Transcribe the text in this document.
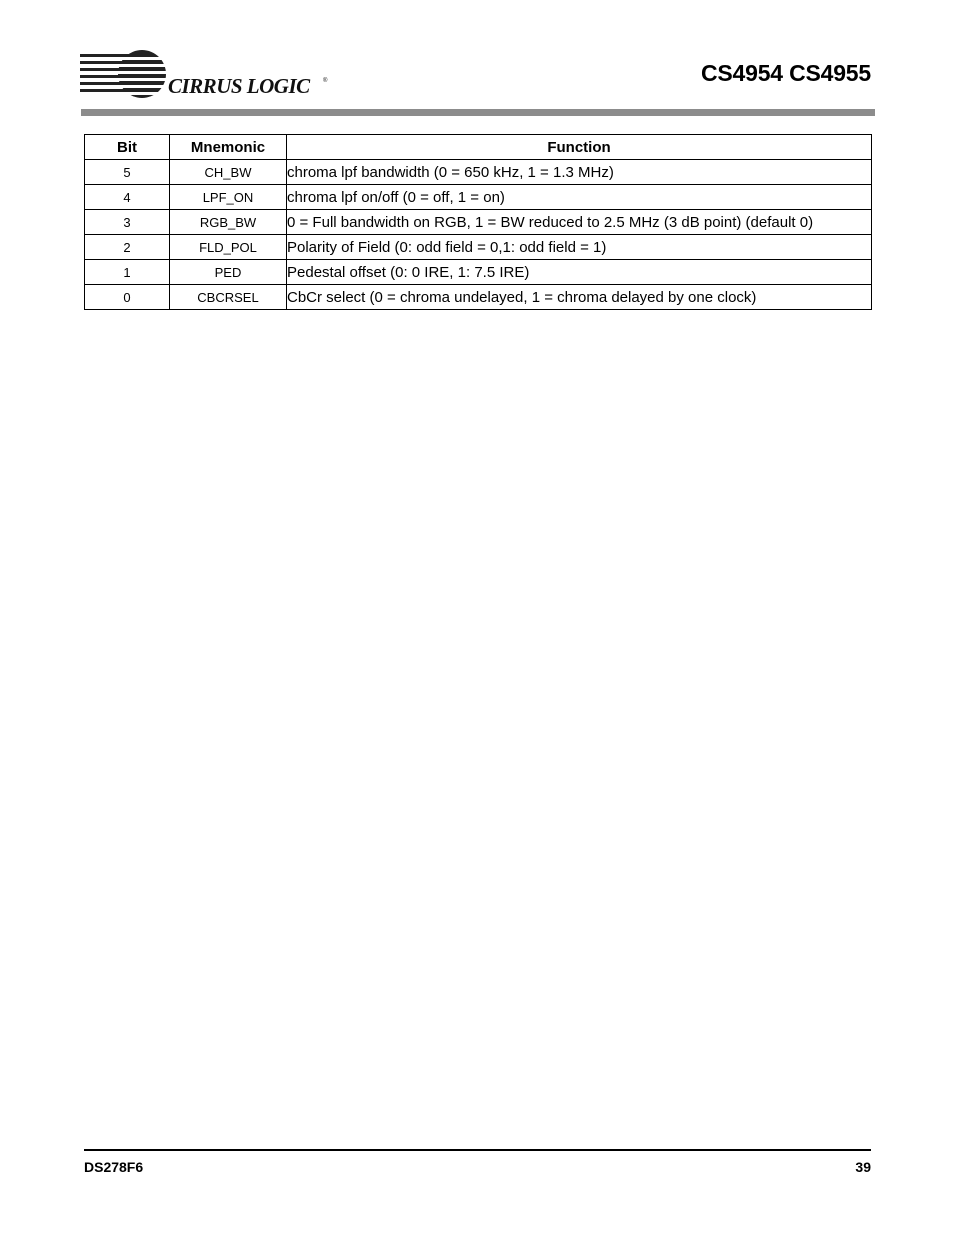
CIRRUS LOGIC ®	CS4954 CS4955
Bit	Mnemonic	Function
5	CH_BW	chroma lpf bandwidth (0 = 650 kHz, 1 = 1.3 MHz)
4	LPF_ON	chroma lpf on/off (0 = off, 1 = on)
3	RGB_BW	0 = Full bandwidth on RGB, 1 = BW reduced to 2.5 MHz (3 dB point) (default 0)
2	FLD_POL	Polarity of Field (0: odd field = 0,1: odd field = 1)
1	PED	Pedestal offset (0: 0 IRE, 1: 7.5 IRE)
0	CBCRSEL	CbCr select (0 = chroma undelayed, 1 = chroma delayed by one clock)
DS278F6	39
